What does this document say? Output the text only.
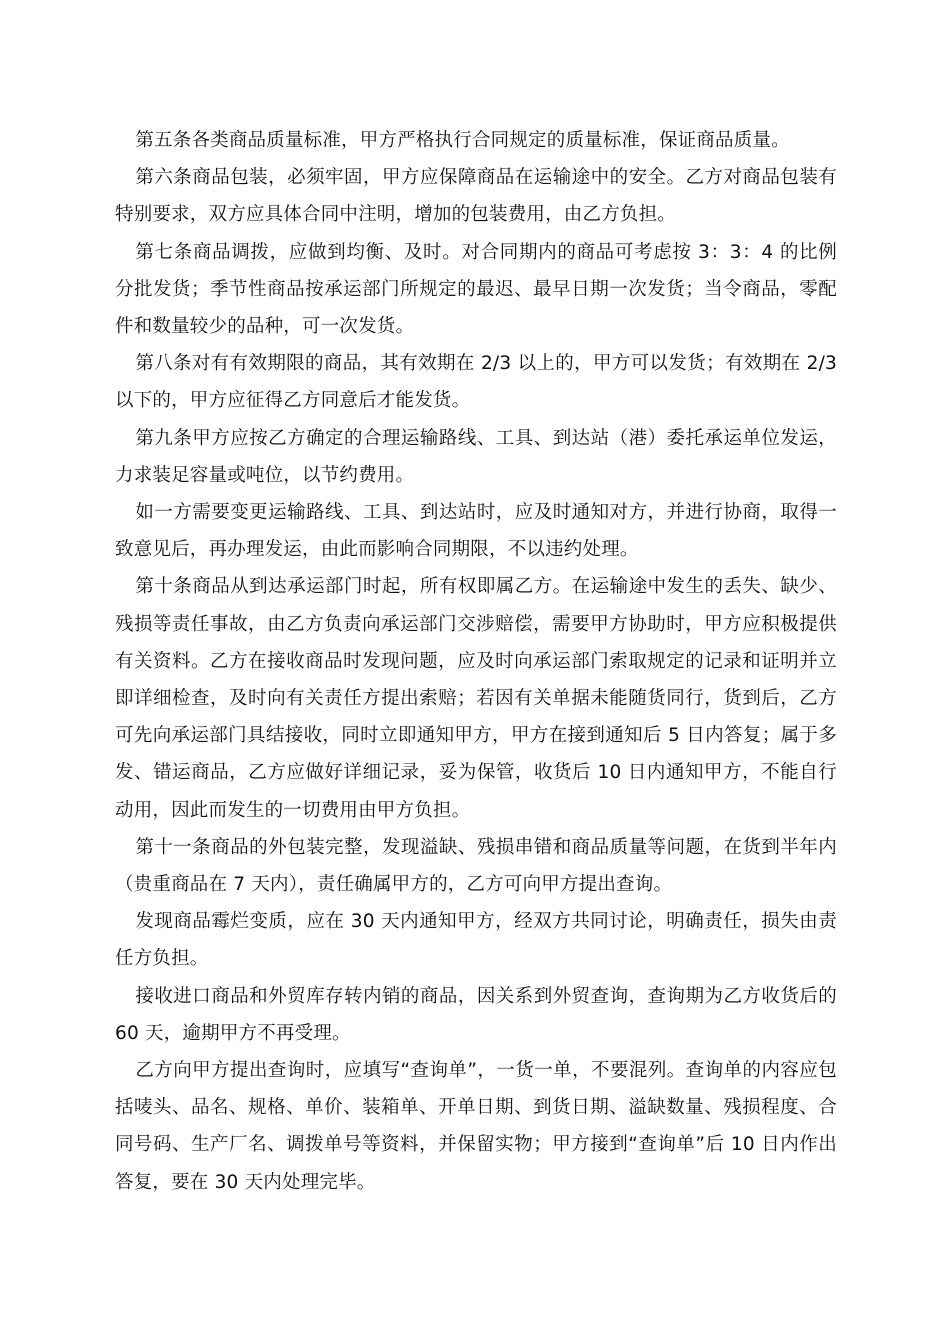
第五条各类商品质量标准，甲方严格执行合同规定的质量标准，保证商品质量。

第六条商品包装，必须牢固，甲方应保障商品在运输途中的安全。乙方对商品包装有特别要求，双方应具体合同中注明，增加的包装费用，由乙方负担。

第七条商品调拨，应做到均衡、及时。对合同期内的商品可考虑按 3：3：4 的比例分批发货；季节性商品按承运部门所规定的最迟、最早日期一次发货；当令商品，零配件和数量较少的品种，可一次发货。

第八条对有有效期限的商品，其有效期在 2/3 以上的，甲方可以发货；有效期在 2/3 以下的，甲方应征得乙方同意后才能发货。

第九条甲方应按乙方确定的合理运输路线、工具、到达站（港）委托承运单位发运，力求装足容量或吨位，以节约费用。

如一方需要变更运输路线、工具、到达站时，应及时通知对方，并进行协商，取得一致意见后，再办理发运，由此而影响合同期限，不以违约处理。

第十条商品从到达承运部门时起，所有权即属乙方。在运输途中发生的丢失、缺少、残损等责任事故，由乙方负责向承运部门交涉赔偿，需要甲方协助时，甲方应积极提供有关资料。乙方在接收商品时发现问题，应及时向承运部门索取规定的记录和证明并立即详细检查，及时向有关责任方提出索赔；若因有关单据未能随货同行，货到后，乙方可先向承运部门具结接收，同时立即通知甲方，甲方在接到通知后 5 日内答复；属于多发、错运商品，乙方应做好详细记录，妥为保管，收货后 10 日内通知甲方，不能自行动用，因此而发生的一切费用由甲方负担。

第十一条商品的外包装完整，发现溢缺、残损串错和商品质量等问题，在货到半年内（贵重商品在 7 天内），责任确属甲方的，乙方可向甲方提出查询。

发现商品霉烂变质，应在 30 天内通知甲方，经双方共同讨论，明确责任，损失由责任方负担。

接收进口商品和外贸库存转内销的商品，因关系到外贸查询，查询期为乙方收货后的 60 天，逾期甲方不再受理。

乙方向甲方提出查询时，应填写“查询单”，一货一单，不要混列。查询单的内容应包括唛头、品名、规格、单价、装箱单、开单日期、到货日期、溢缺数量、残损程度、合同号码、生产厂名、调拨单号等资料，并保留实物；甲方接到“查询单”后 10 日内作出答复，要在 30 天内处理完毕。
